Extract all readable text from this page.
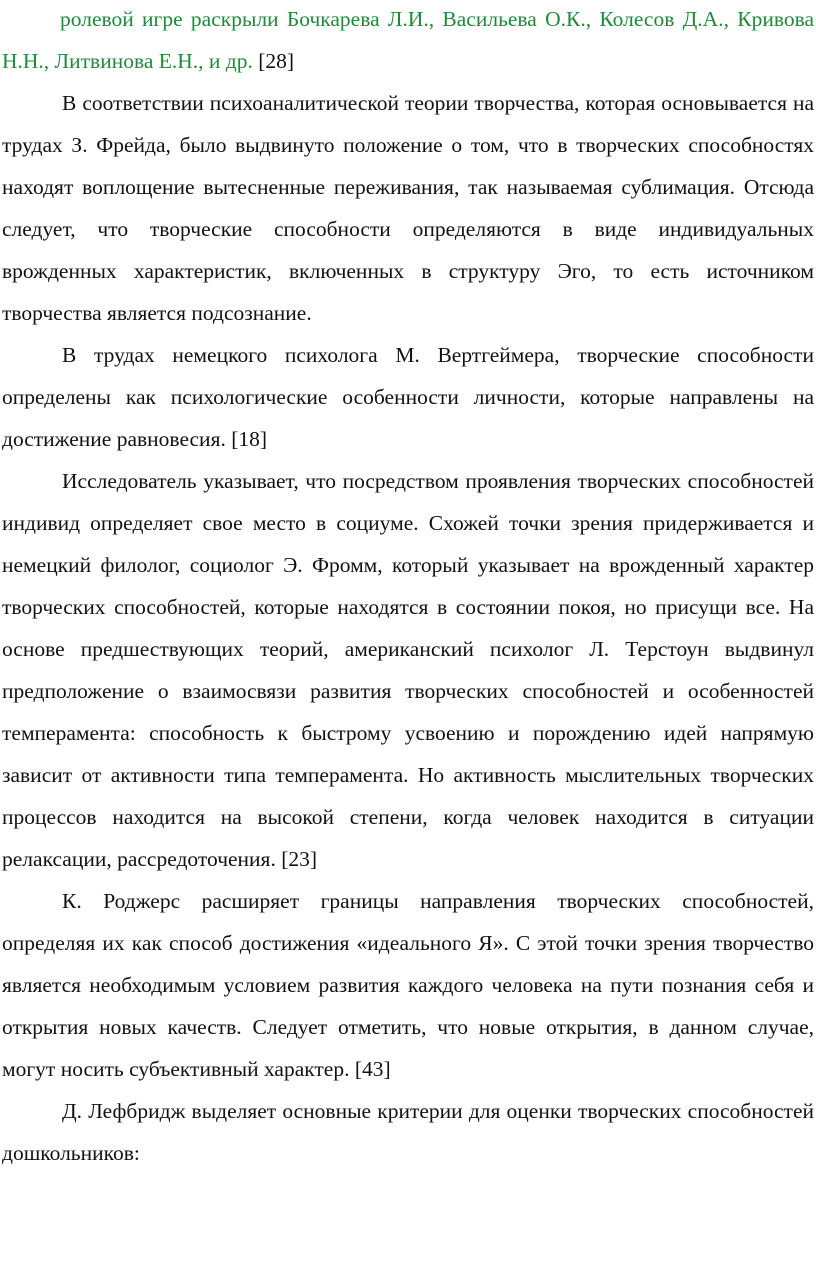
ролевой игре раскрыли Бочкарева Л.И., Васильева О.К., Колесов Д.А., Кривова Н.Н., Литвинова Е.Н., и др. [28]

В соответствии психоаналитической теории творчества, которая основывается на трудах З. Фрейда, было выдвинуто положение о том, что в творческих способностях находят воплощение вытесненные переживания, так называемая сублимация. Отсюда следует, что творческие способности определяются в виде индивидуальных врожденных характеристик, включенных в структуру Эго, то есть источником творчества является подсознание.

В трудах немецкого психолога М. Вертгеймера, творческие способности определены как психологические особенности личности, которые направлены на достижение равновесия. [18]

Исследователь указывает, что посредством проявления творческих способностей индивид определяет свое место в социуме. Схожей точки зрения придерживается и немецкий филолог, социолог Э. Фромм, который указывает на врожденный характер творческих способностей, которые находятся в состоянии покоя, но присущи все. На основе предшествующих теорий, американский психолог Л. Терстоун выдвинул предположение о взаимосвязи развития творческих способностей и особенностей темперамента: способность к быстрому усвоению и порождению идей напрямую зависит от активности типа темперамента. Но активность мыслительных творческих процессов находится на высокой степени, когда человек находится в ситуации релаксации, рассредоточения. [23]

К. Роджерс расширяет границы направления творческих способностей, определяя их как способ достижения «идеального Я». С этой точки зрения творчество является необходимым условием развития каждого человека на пути познания себя и открытия новых качеств. Следует отметить, что новые открытия, в данном случае, могут носить субъективный характер. [43]

Д. Лефбридж выделяет основные критерии для оценки творческих способностей дошкольников:
